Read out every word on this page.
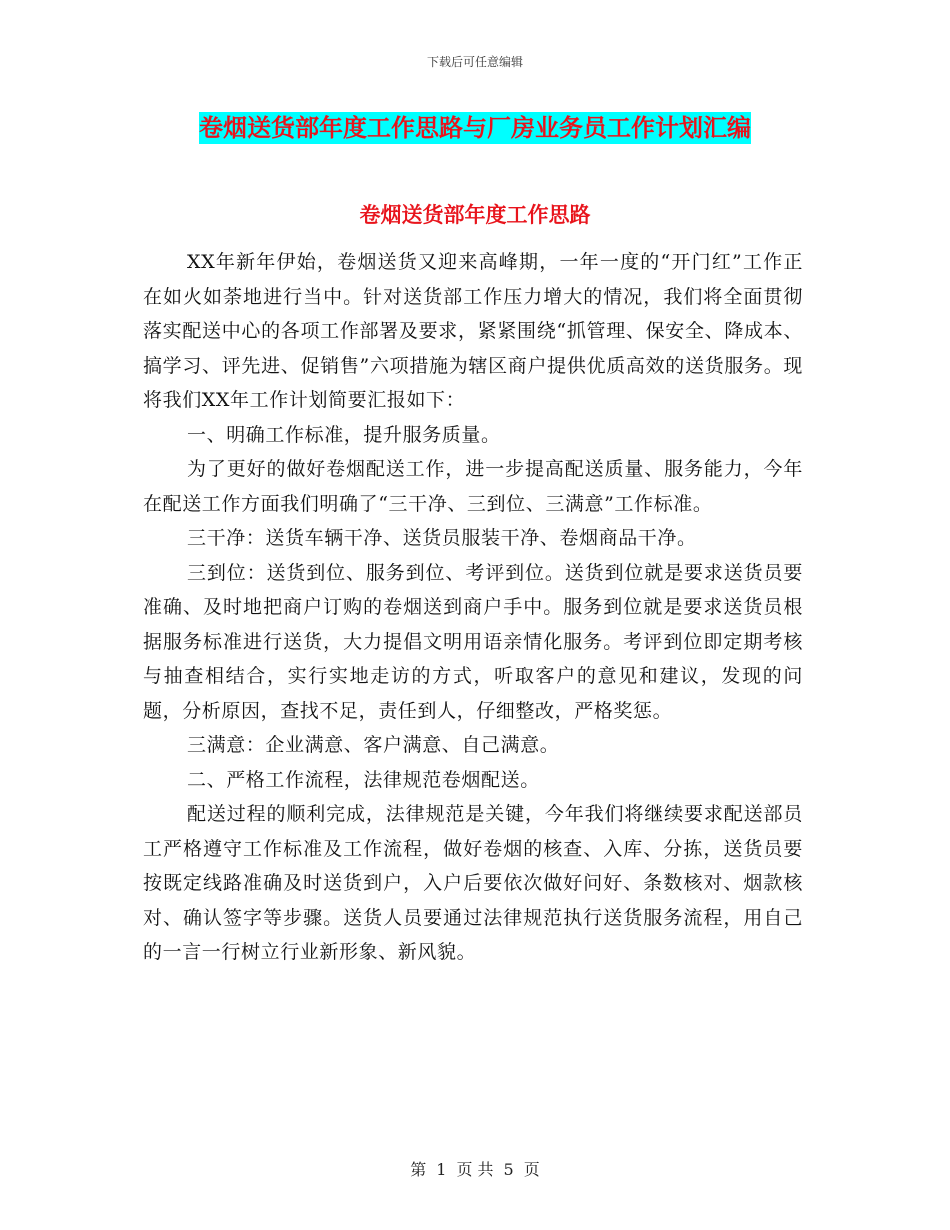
下载后可任意编辑
卷烟送货部年度工作思路与厂房业务员工作计划汇编
卷烟送货部年度工作思路

XX年新年伊始，卷烟送货又迎来高峰期，一年一度的“开门红”工作正在如火如荼地进行当中。针对送货部工作压力增大的情况，我们将全面贯彻落实配送中心的各项工作部署及要求，紧紧围绕“抓管理、保安全、降成本、搞学习、评先进、促销售”六项措施为辖区商户提供优质高效的送货服务。现将我们XX年工作计划简要汇报如下：

一、明确工作标准，提升服务质量。

为了更好的做好卷烟配送工作，进一步提高配送质量、服务能力，今年在配送工作方面我们明确了“三干净、三到位、三满意”工作标准。

三干净：送货车辆干净、送货员服装干净、卷烟商品干净。

三到位：送货到位、服务到位、考评到位。送货到位就是要求送货员要准确、及时地把商户订购的卷烟送到商户手中。服务到位就是要求送货员根据服务标准进行送货，大力提倡文明用语亲情化服务。考评到位即定期考核与抽查相结合，实行实地走访的方式，听取客户的意见和建议，发现的问题，分析原因，查找不足，责任到人，仔细整改，严格奖惩。

三满意：企业满意、客户满意、自己满意。

二、严格工作流程，法律规范卷烟配送。

配送过程的顺利完成，法律规范是关键，今年我们将继续要求配送部员工严格遵守工作标准及工作流程，做好卷烟的核查、入库、分拣，送货员要按既定线路准确及时送货到户，入户后要依次做好问好、条数核对、烟款核对、确认签字等步骤。送货人员要通过法律规范执行送货服务流程，用自己的一言一行树立行业新形象、新风貌。

第 1 页 共 5 页
